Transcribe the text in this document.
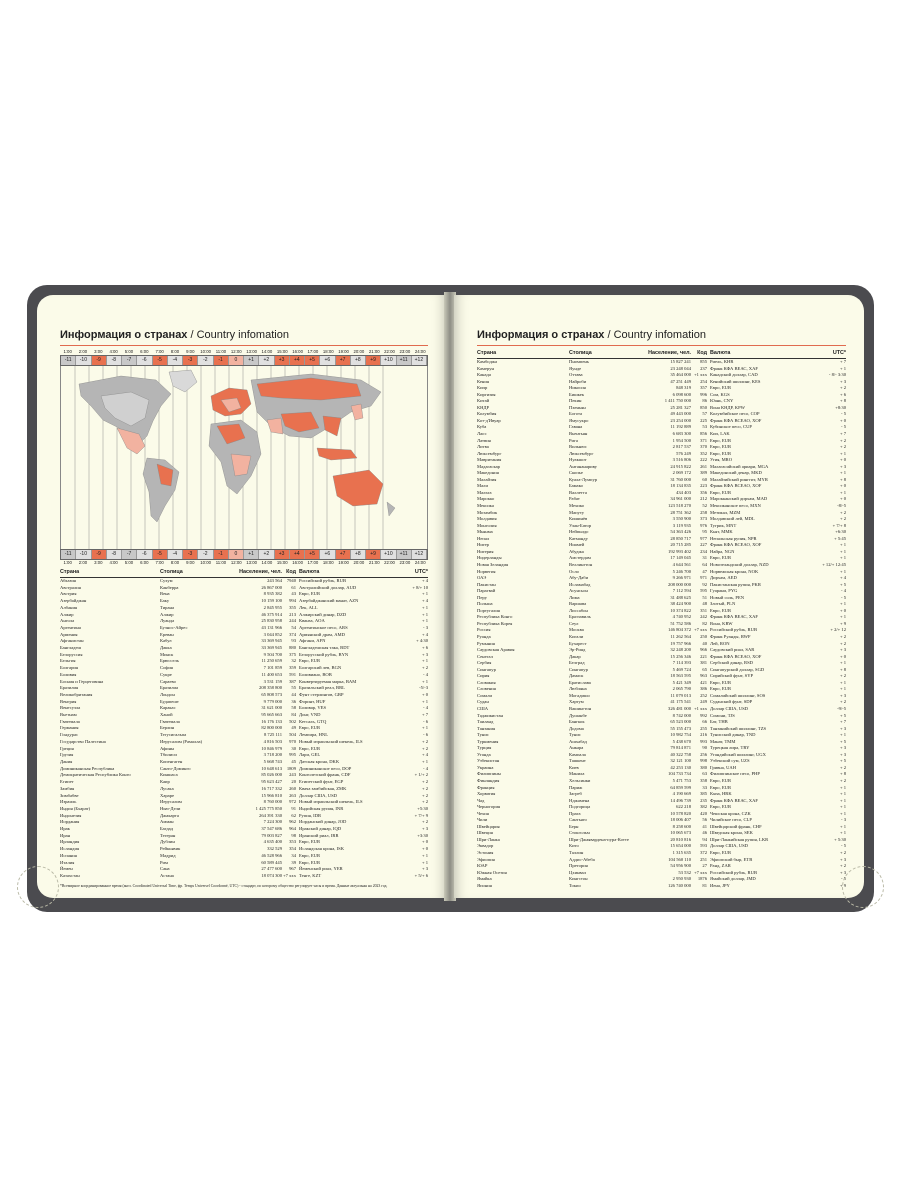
Информация о странах / Country infomation
1:00	2:00	3:00	4:00	5:00	6:00	7:00	8:00	9:00	10:00	11:00	12:00	13:00	14:00	15:00	16:00	17:00	18:00	19:00	20:00	21:00	22:00	23:00	24:00
-11	-10	-9	-8	-7	-6	-5	-4	-3	-2	-1	0	+1	+2	+3	+4	+5	+6	+7	+8	+9	+10	+11	+12
-11	-10	-9	-8	-7	-6	-5	-4	-3	-2	-1	0	+1	+2	+3	+4	+5	+6	+7	+8	+9	+10	+11	+12
1:00	2:00	3:00	4:00	5:00	6:00	7:00	8:00	9:00	10:00	11:00	12:00	13:00	14:00	15:00	16:00	17:00	18:00	19:00	20:00	21:00	22:00	23:00	24:00
Страна	Столица	Население, чел. Код Валюта	UTC*
Абхазия	Сухум	243 564	7940 Российский рубль, RUB	+ 4
Австралия	Канберра	26 867 000	61 Австралийский доллар, AUD	+ 8/+ 10
Австрия	Вена	8 935 382	43 Евро, EUR	+ 1
Азербайджан	Баку	10 159 100	994 Азербайджанский манат, AZN	+ 4
Албания	Тирана	2 845 955	355 Лек, ALL	+ 1
Алжир	Алжир	46 375 914	213 Алжирский динар, DZD	+ 1
Ангола	Луанда	25 830 958	244 Кванза, AOA	+ 1
Аргентина	Буэнос-Айрес	43 131 966	54 Аргентинское песо, ARS	- 3
Армения	Ереван	3 044 852	374 Армянский драм, AMD	+ 4
Афганистан	Кабул	33 369 945	93 Афгани, AFN	+ 4:30
Бангладеш	Дакка	33 369 945	880 Бангладешская така, BDT	+ 6
Белоруссия	Минск	9 504 700	375 Белорусский рубль, BYN	+ 3
Бельгия	Брюссель	11 250 659	32 Евро, EUR	+ 1
Болгария	София	7 101 859	359 Болгарский лев, BGN	+ 2
Боливия	Сукре	11 400 653	591 Боливиано, BOB	- 4
Босния и Герцеговина	Сараево	3 531 159	387 Конвертируемая марка, BAM	+ 1
Бразилия	Бразилиа	208 358 800	55 Бразильский реал, BRL	-5/-3
Великобритания	Лондон	65 808 573	44 Фунт стерлингов, GBP	+ 0
Венгрия	Будапешт	9 779 000	36 Форинт, HUF	+ 1
Венесуэла	Каракас	31 621 000	58 Боливар, VES	- 4
Вьетнам	Ханой	95 665 663	84 Донг, VND	+ 7
Гватемала	Гватемала	16 176 133	502 Кетсаль, GTQ	- 6
Германия	Берлин	82 800 000	49 Евро, EUR	+ 1
Гондурас	Тегусигальпа	8 725 111	504 Лемпира, HNL	- 6
Государство Палестина	Иерусалим (Рамалла)	4 816 503	970 Новый израильский шекель, ILS	+ 2
Греция	Афины	10 846 979	30 Евро, EUR	+ 2
Грузия	Тбилиси	3 718 200	995 Лари, GEL	+ 4
Дания	Копенгаген	5 668 743	45 Датская крона, DKK	+ 1
Доминиканская Республика	Санто-Доминго	10 648 613	1809 Доминиканское песо, DOP	- 4
Демократическая Республика Конго	Киншаса	85 026 000	243 Конголезский франк, CDF	+ 1/+ 2
Египет	Каир	95 623 427	20 Египетский фунт, EGP	+ 2
Замбия	Лусака	16 717 332	260 Квача замбийская, ZMK	+ 2
Зимбабве	Хараре	15 966 810	263 Доллар США, USD	+ 2
Израиль	Иерусалим	8 760 000	972 Новый израильский шекель, ILS	+ 2
Индия (Бхарат)	Нью-Дели	1 425 775 850	91 Индийская рупия, INR	+5:30
Индонезия	Джакарта	264 391 330	62 Рупия, IDR	+ 7/+ 9
Иордания	Амман	7 224 300	962 Иорданский динар, JOD	+ 2
Ирак	Багдад	37 547 686	964 Иракский динар, IQD	+ 3
Иран	Тегеран	79 003 827	98 Иранский риал, IRR	+3:30
Ирландия	Дублин	4 635 400	353 Евро, EUR	+ 0
Исландия	Рейкьявик	332 529	354 Исландская крона, ISK	+ 0
Испания	Мадрид	46 528 966	34 Евро, EUR	+ 1
Италия	Рим	60 589 445	39 Евро, EUR	+ 1
Йемен	Сана	27 477 600	967 Йеменский риал, YER	+ 3
Казахстан	Астана	18 074 300 +7 xxx Тенге, KZT	+ 5/+ 6
*Всемирное координированное время (англ. Coordinated Universal Time, фр. Temps Universel Coordonné, UTC) - стандарт, по которому общество регулирует часы и время. Данные актуальны на 2023 год.
Информация о странах / Country infomation
Страна	Столица	Население, чел.	Код Валюта	UTC*
Камбоджа	Пномпень	15 827 241	855 Риель, KHR	+ 7
Камерун	Яунде	23 248 044	237 Франк КФА ВЕАС, XAF	+ 1
Канада	Оттава	35 464 000 +1 xxx Канадский доллар, CAD	- 8/- 3:30
Кения	Найроби	47 251 449	254 Кенийский шиллинг, KES	+ 3
Кипр	Никосия	848 319	357 Евро, EUR	+ 2
Киргизия	Бишкек	6 098 600	996 Сом, KGS	+ 6
Китай	Пекин	1 411 750 000	86 Юань, CNY	+ 8
КНДР	Пхеньян	25 281 327	850 Вона КНДР, KPW	+8:30
Колумбия	Богота	49 443 000	57 Колумбийское песо, COP	- 5
Кот-д'Ивуар	Ямусукро	23 254 000	225 Франк КФА ВСЕАО, XOF	+ 0
Куба	Гавана	11 192 889	53 Кубинское песо, CUP	- 5
Лаос	Вьентьян	6 683 300	856 Кип, LAK	+ 7
Латвия	Рига	1 954 500	371 Евро, EUR	+ 2
Литва	Вильнюс	2 817 537	370 Евро, EUR	+ 2
Люксембург	Люксембург	576 249	352 Евро, EUR	+ 1
Мавритания	Нуакшот	3 516 806	222 Угия, MRO	+ 0
Мадагаскар	Антананариву	24 915 822	261 Малагасийский ариари, MGA	+ 3
Македония	Скопье	2 069 172	389 Македонский денар, MKD	+ 1
Малайзия	Куала-Лумпур	31 760 000	60 Малайзийский ринггит, MYR	+ 8
Мали	Бамако	18 134 835	223 Франк КФА ВСЕАО, XOF	+ 0
Мальта	Валлетта	434 403	356 Евро, EUR	+ 1
Марокко	Рабат	34 961 000	212 Марокканский дирхам, MAD	+ 0
Мексика	Мехико	123 518 270	52 Мексиканское песо, MXN	-8/-5
Мозамбик	Мапуту	28 751 362	258 Метикал, MZM	+ 2
Молдавия	Кишинёв	3 550 900	373 Молдавский лей, MDL	+ 2
Монголия	Улан-Батор	3 119 935	976 Тугрик, MNT	+ 7/+ 8
Мьянма	Нейпьидо	54 363 426	95 Кьят, MMK	+6:30
Непал	Катманду	28 850 717	977 Непальская рупия, NPR	+ 5:45
Нигер	Ниамей	20 715 285	227 Франк КФА ВСЕАО, XOF	+ 1
Нигерия	Абуджа	192 993 402	234 Найра, NGN	+ 1
Нидерланды	Амстердам	17 149 045	31 Евро, EUR	+ 1
Новая Зеландия	Веллингтон	4 644 561	64 Новозеландский доллар, NZD	+ 12/+ 12:45
Норвегия	Осло	5 246 700	47 Норвежская крона, NOK	+ 1
ОАЭ	Абу-Даби	9 266 971	971 Дирхам, AED	+ 4
Пакистан	Исламабад	208 000 000	92 Пакистанская рупия, PKR	+ 5
Парагвай	Асунсьон	7 112 594	595 Гуарани, PYG	- 4
Перу	Лима	31 488 625	51 Новый соль, PEN	- 5
Польша	Варшава	38 424 900	48 Злотый, PLN	+ 1
Португалия	Лиссабон	10 374 822	351 Евро, EUR	+ 0
Республика Конго	Браззавиль	4 740 952	242 Франк КФА ВЕАС, XAF	+ 1
Республика Корея	Сеул	51 752 586	82 Вона, KRW	+ 9
Россия	Москва	146 804 372 +7 xxx Российский рубль, RUB	+ 2/+ 12
Руанда	Кигали	11 262 564	250 Франк Руанды, RWF	+ 2
Румыния	Бухарест	19 757 966	40 Лей, RON	+ 2
Саудовская Аравия	Эр-Рияд	32 248 200	966 Саудовский риал, SAR	+ 3
Сенегал	Дакар	15 256 346	221 Франк КФА ВСЕАО, XOF	+ 0
Сербия	Белград	7 114 393	381 Сербский динар, RSD	+ 1
Сингапур	Сингапур	5 469 724	65 Сингапурский доллар, SGD	+ 8
Сирия	Дамаск	18 563 595	963 Сирийский фунт, SYP	+ 2
Словакия	Братислава	5 421 349	421 Евро, EUR	+ 1
Словения	Любляна	2 065 790	386 Евро, EUR	+ 1
Сомали	Могадишо	11 079 013	252 Сомалийский шиллинг, SOS	+ 3
Судан	Хартум	41 175 541	249 Суданский фунт, SDP	+ 2
США	Вашингтон	326 481 000 +1 xxx Доллар США, USD	-9/-5
Таджикистан	Душанбе	8 742 000	992 Сомони, TJS	+ 5
Таиланд	Бангкок	65 523 000	66 Бат, THB	+ 7
Танзания	Додома	55 155 473	255 Танзанийский шиллинг, TZS	+ 3
Тунис	Тунис	10 982 754	216 Тунисский динар, TND	+ 1
Туркмения	Ашхабад	5 438 670	993 Манат, TMM	+ 5
Турция	Анкара	79 814 871	90 Турецкая лира, TRY	+ 3
Уганда	Кампала	40 322 758	256 Угандийский шиллинг, UGX	+ 3
Узбекистан	Ташкент	32 121 100	998 Узбекский сум, UZS	+ 5
Украина	Киев	42 253 130	380 Гривна, UAH	+ 2
Филиппины	Манила	104 733 734	63 Филиппинское песо, PHP	+ 8
Финляндия	Хельсинки	5 471 753	358 Евро, EUR	+ 2
Франция	Париж	64 859 599	33 Евро, EUR	+ 1
Хорватия	Загреб	4 190 669	385 Кuna, HRK	+ 1
Чад	Нджамена	14 496 739	235 Франк КФА ВЕАС, XAF	+ 1
Черногория	Подгорица	622 218	382 Евро, EUR	+ 1
Чехия	Прага	10 578 820	420 Чешская крона, CZK	+ 1
Чили	Сантьяго	18 006 407	56 Чилийское песо, CLP	- 3
Швейцария	Берн	8 258 600	41 Швейцарский франк, CHF	+ 1
Швеция	Стокгольм	10 065 673	46 Шведская крона, SEK	+ 1
Шри-Ланка	Шри-Джаявардена-пура-Котте	20 810 816	94 Шри-Ланкийская рупия, LKR	+ 5:30
Эквадор	Кито	15 654 000	593 Доллар США, USD	- 5
Эстония	Таллин	1 315 635	372 Евро, EUR	+ 2
Эфиопия	Аддис-Абеба	104 560 110	251 Эфиопский быр, ETB	+ 3
ЮАР	Претория	54 956 900	27 Ранд, ZAR	+ 2
Южная Осетия	Цхинвал	53 532 +7 xxx Российский рубль, RUB	+ 3
Ямайка	Кингстон	2 950 930	1876 Ямайский доллар, JMD	- 5
Япония	Токио	126 740 000	81 Иена, JPY	+ 9
